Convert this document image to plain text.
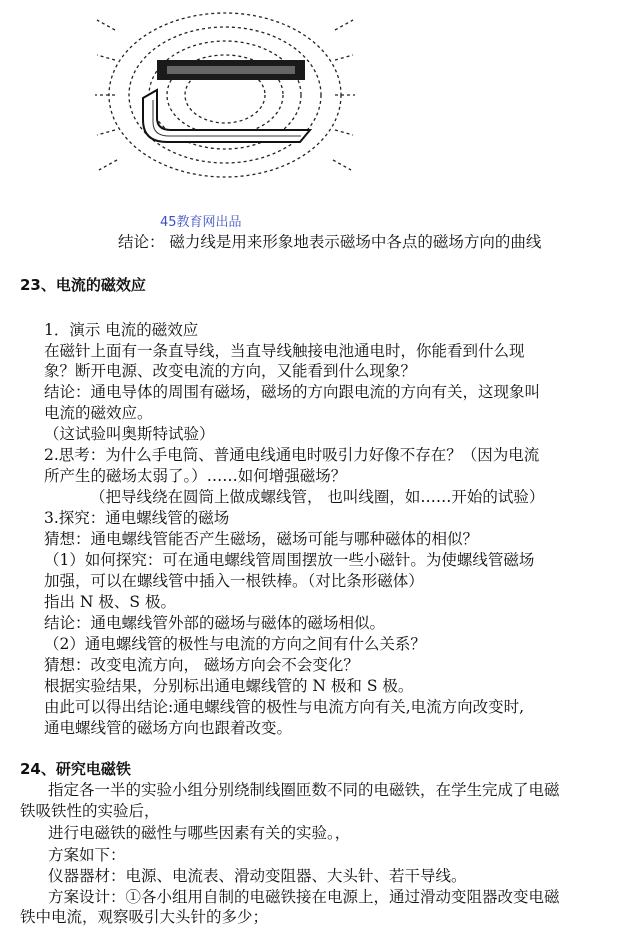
45教育网出品
结论： 磁力线是用来形象地表示磁场中各点的磁场方向的曲线
23、电流的磁效应
1．演示 电流的磁效应
在磁针上面有一条直导线，当直导线触接电池通电时，你能看到什么现
象？断开电源、改变电流的方向，又能看到什么现象？
结论：通电导体的周围有磁场，磁场的方向跟电流的方向有关，这现象叫
电流的磁效应。
（这试验叫奥斯特试验）
2.思考：为什么手电筒、普通电线通电时吸引力好像不存在？（因为电流
所产生的磁场太弱了。）……如何增强磁场？
（把导线绕在圆筒上做成螺线管， 也叫线圈，如……开始的试验）
3.探究：通电螺线管的磁场
猜想：通电螺线管能否产生磁场，磁场可能与哪种磁体的相似？
（1）如何探究：可在通电螺线管周围摆放一些小磁针。为使螺线管磁场
加强，可以在螺线管中插入一根铁棒。（对比条形磁体）
指出 N 极、S 极。
结论：通电螺线管外部的磁场与磁体的磁场相似。
（2）通电螺线管的极性与电流的方向之间有什么关系？
猜想：改变电流方向， 磁场方向会不会变化？
根据实验结果，分别标出通电螺线管的 N 极和 S 极。
由此可以得出结论:通电螺线管的极性与电流方向有关,电流方向改变时,
通电螺线管的磁场方向也跟着改变。
24、研究电磁铁
指定各一半的实验小组分别绕制线圈匝数不同的电磁铁，在学生完成了电磁
铁吸铁性的实验后，
进行电磁铁的磁性与哪些因素有关的实验。，
方案如下：
仪器器材：电源、电流表、滑动变阻器、大头针、若干导线。
方案设计：①各小组用自制的电磁铁接在电源上，通过滑动变阻器改变电磁
铁中电流，观察吸引大头针的多少；
